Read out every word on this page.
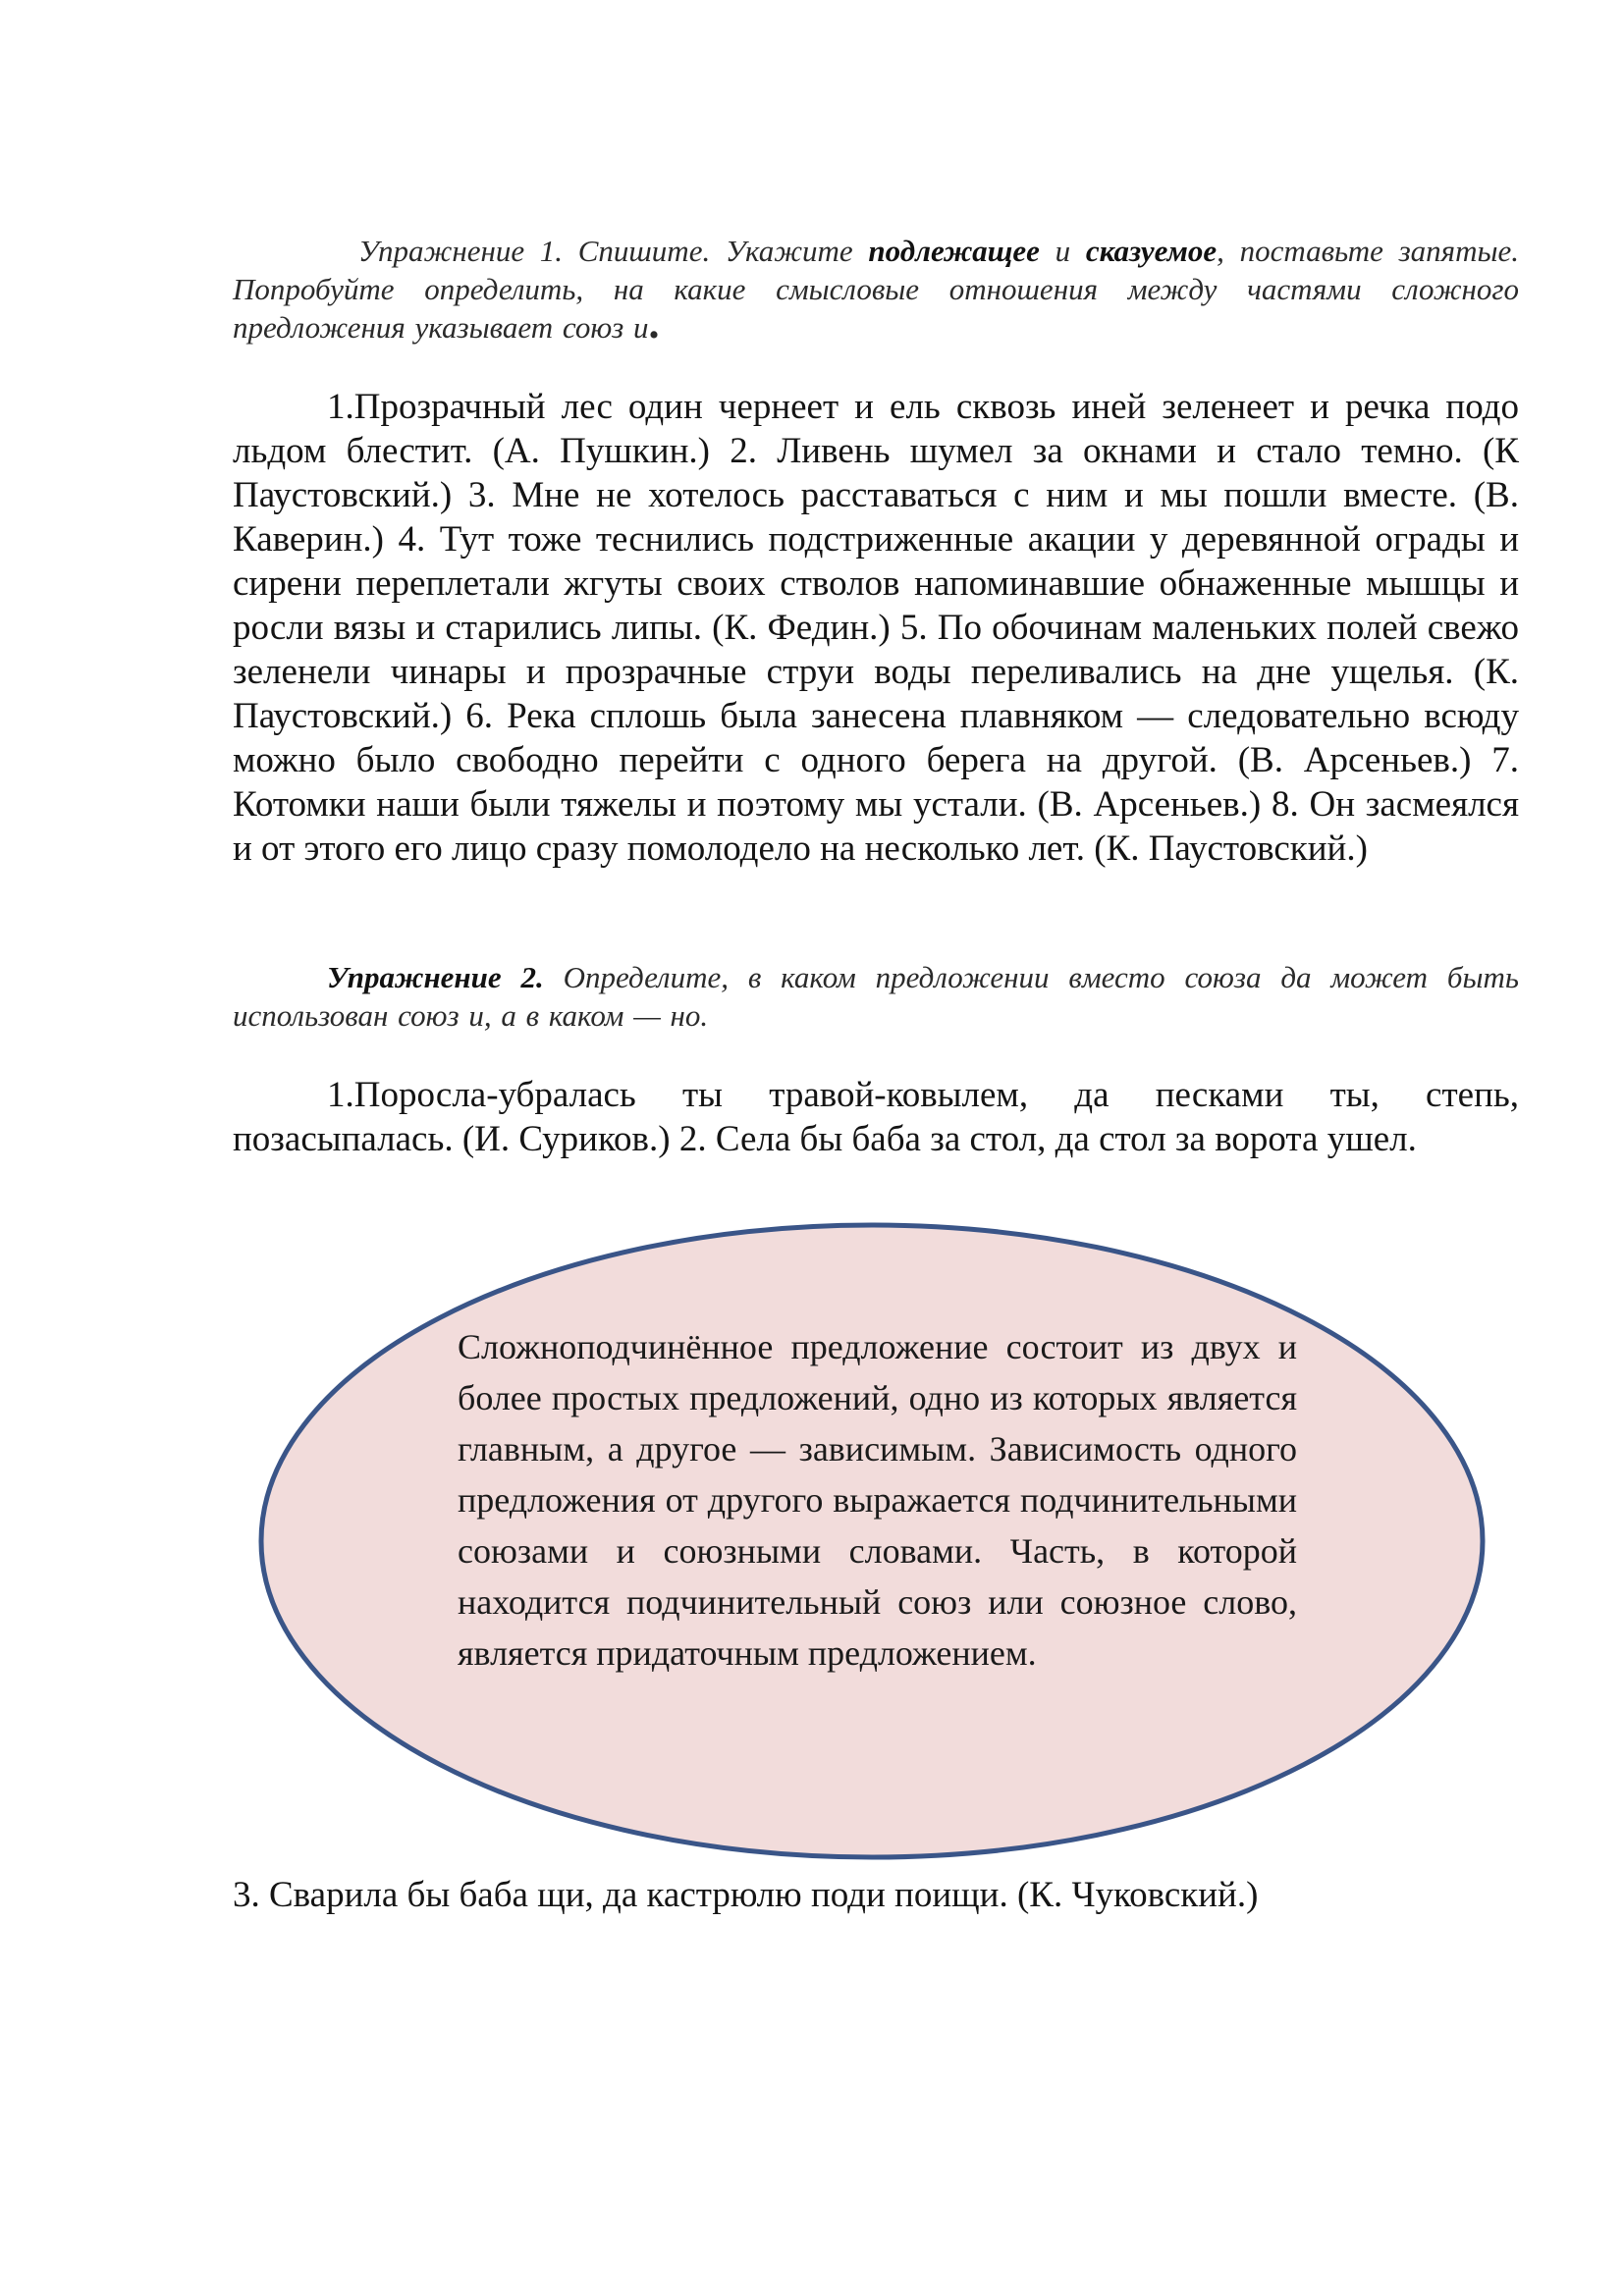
Упражнение 1. Спишите. Укажите подлежащее и сказуемое, поставьте запятые. Попробуйте определить, на какие смысловые отношения между частями сложного предложения указывает союз и.
1.Прозрачный лес один чернеет и ель сквозь иней зеленеет и речка подо льдом блестит. (А. Пушкин.) 2. Ливень шумел за окнами и стало темно. (К Паустовский.) 3. Мне не хотелось расставаться с ним и мы пошли вместе. (В. Каверин.) 4. Тут тоже теснились подстриженные акации у деревянной ограды и сирени переплетали жгуты своих стволов напоминавшие обнаженные мышцы и росли вязы и старились липы. (К. Федин.) 5. По обочинам маленьких полей свежо зеленели чинары и прозрачные струи воды переливались на дне ущелья. (К. Паустовский.) 6. Река сплошь была занесена плавняком — следовательно всюду можно было свободно перейти с одного берега на другой. (В. Арсеньев.) 7. Котомки наши были тяжелы и поэтому мы устали. (В. Арсеньев.) 8. Он засмеялся и от этого его лицо сразу помолодело на несколько лет. (К. Паустовский.)
Упражнение 2. Определите, в каком предложении вместо союза да может быть использован союз и, а в каком — но.
1.Поросла-убралась ты травой-ковылем, да песками ты, степь, позасыпалась. (И. Суриков.) 2. Села бы баба за стол, да стол за ворота ушел.
Сложноподчинённое предложение состоит из двух и более простых предложений, одно из которых является главным, а другое — зависимым. Зависимость одного предложения от другого выражается подчинительными союзами и союзными словами. Часть, в которой находится подчинительный союз или союзное слово, является придаточным предложением.
3. Сварила бы баба щи, да кастрюлю поди поищи. (К. Чуковский.)
